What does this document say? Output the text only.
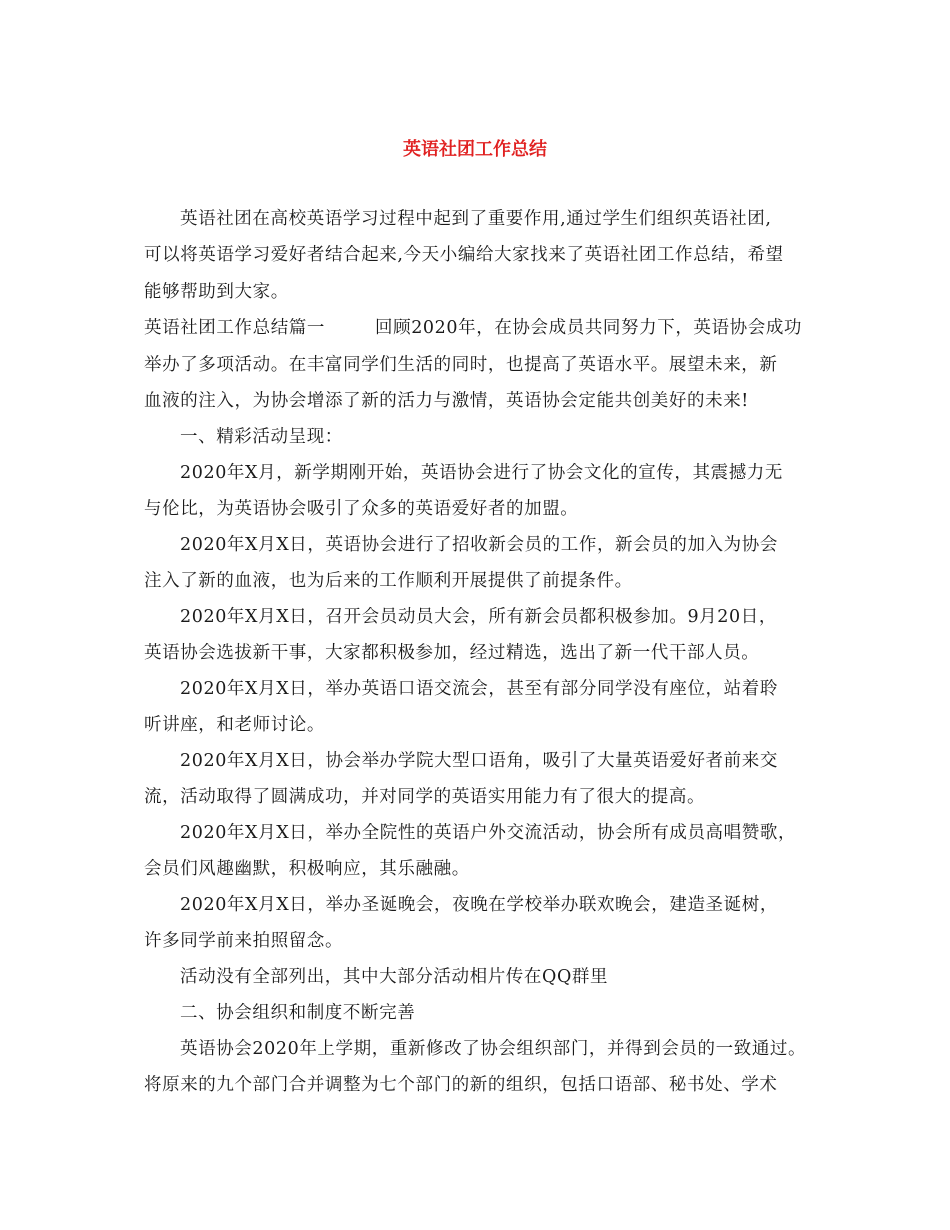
英语社团工作总结
英语社团在高校英语学习过程中起到了重要作用,通过学生们组织英语社团,
可以将英语学习爱好者结合起来,今天小编给大家找来了英语社团工作总结，希望
能够帮助到大家。
英语社团工作总结篇一	回顾2020年，在协会成员共同努力下，英语协会成功
举办了多项活动。在丰富同学们生活的同时，也提高了英语水平。展望未来，新
血液的注入，为协会增添了新的活力与激情，英语协会定能共创美好的未来!
一、精彩活动呈现：
2020年X月，新学期刚开始，英语协会进行了协会文化的宣传，其震撼力无
与伦比，为英语协会吸引了众多的英语爱好者的加盟。
2020年X月X日，英语协会进行了招收新会员的工作，新会员的加入为协会
注入了新的血液，也为后来的工作顺利开展提供了前提条件。
2020年X月X日，召开会员动员大会，所有新会员都积极参加。9月20日，
英语协会选拔新干事，大家都积极参加，经过精选，选出了新一代干部人员。
2020年X月X日，举办英语口语交流会，甚至有部分同学没有座位，站着聆
听讲座，和老师讨论。
2020年X月X日，协会举办学院大型口语角，吸引了大量英语爱好者前来交
流，活动取得了圆满成功，并对同学的英语实用能力有了很大的提高。
2020年X月X日，举办全院性的英语户外交流活动，协会所有成员高唱赞歌，
会员们风趣幽默，积极响应，其乐融融。
2020年X月X日，举办圣诞晚会，夜晚在学校举办联欢晚会，建造圣诞树，
许多同学前来拍照留念。
活动没有全部列出，其中大部分活动相片传在QQ群里
二、协会组织和制度不断完善
英语协会2020年上学期，重新修改了协会组织部门，并得到会员的一致通过。
将原来的九个部门合并调整为七个部门的新的组织，包括口语部、秘书处、学术
